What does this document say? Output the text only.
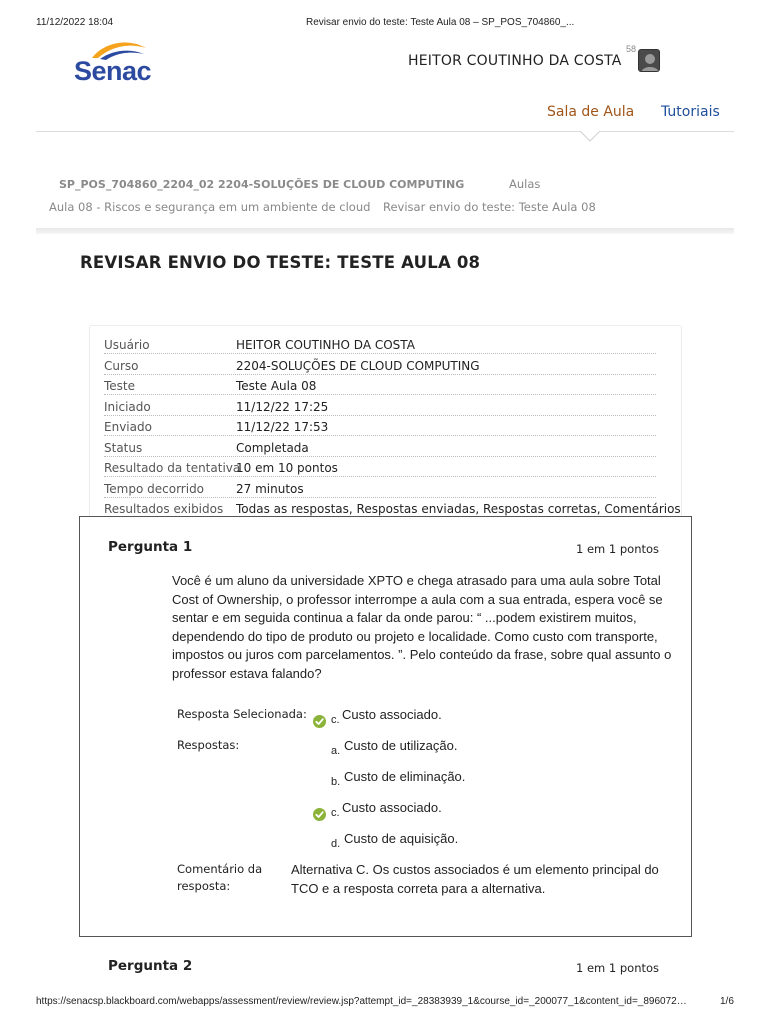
11/12/2022 18:04	Revisar envio do teste: Teste Aula 08 – SP_POS_704860_...
Senac	HEITOR COUTINHO DA COSTA
58
Sala de Aula Tutoriais
SP_POS_704860_2204_02 2204-SOLUÇÕES DE CLOUD COMPUTING	Aulas
Aula 08 - Riscos e segurança em um ambiente de cloud Revisar envio do teste: Teste Aula 08
REVISAR ENVIO DO TESTE: TESTE AULA 08
Usuário	HEITOR COUTINHO DA COSTA
Curso	2204-SOLUÇÕES DE CLOUD COMPUTING
Teste	Teste Aula 08
Iniciado	11/12/22 17:25
Enviado	11/12/22 17:53
Status	Completada
Resultado da tentativa
10 em 10 pontos
Tempo decorrido	27 minutos
Resultados exibidos Todas as respostas, Respostas enviadas, Respostas corretas, Comentários
Pergunta 1	1 em 1 pontos
Você é um aluno da universidade XPTO e chega atrasado para uma aula sobre Total Cost of Ownership, o professor interrompe a aula com a sua entrada, espera você se sentar e em seguida continua a falar da onde parou: “ ...podem existirem muitos, dependendo do tipo de produto ou projeto e localidade. Como custo com transporte, impostos ou juros com parcelamentos. ”. Pelo conteúdo da frase, sobre qual assunto o professor estava falando?
Resposta Selecionada: c. Custo associado.
Respostas:	a. Custo de utilização.
b. Custo de eliminação.
c. Custo associado.
d. Custo de aquisição.
Comentário da resposta:
Alternativa C. Os custos associados é um elemento principal do TCO e a resposta correta para a alternativa.
Pergunta 2	1 em 1 pontos
https://senacsp.blackboard.com/webapps/assessment/review/review.jsp?attempt_id=_28383939_1&course_id=_200077_1&content_id=_896072…	1/6
